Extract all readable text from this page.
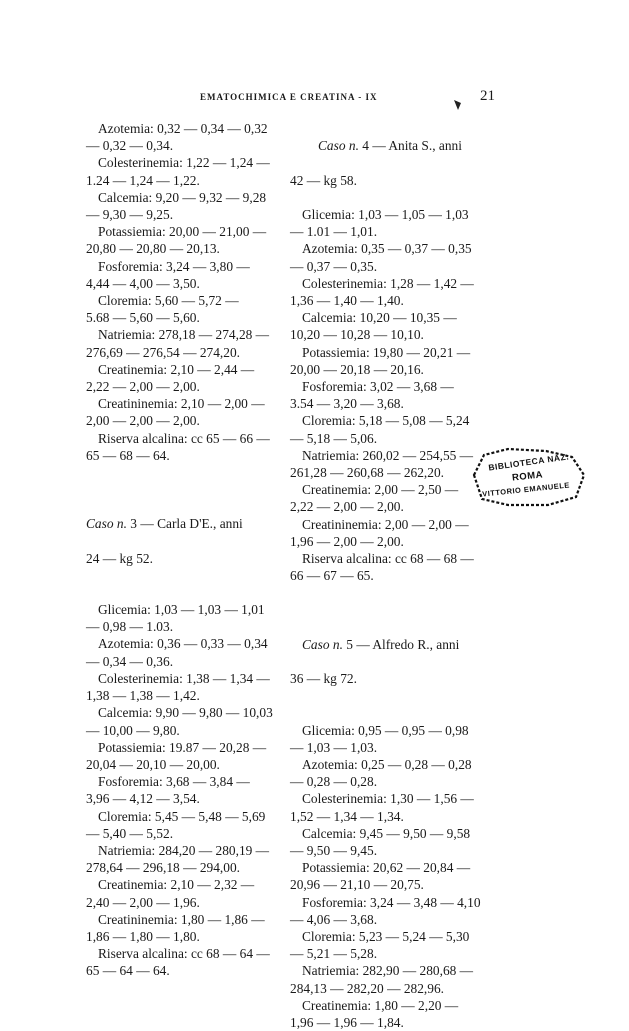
EMATOCHIMICA E CREATINA - IX	21

Azotemia: 0,32 — 0,34 — 0,32
— 0,32 — 0,34.

Colesterinemia: 1,22 — 1,24 —
1.24 — 1,24 — 1,22.

Calcemia: 9,20 — 9,32 — 9,28
— 9,30 — 9,25.

Potassiemia: 20,00 — 21,00 —
20,80 — 20,80 — 20,13.

Fosforemia: 3,24 — 3,80 —
4,44 — 4,00 — 3,50.

Cloremia: 5,60 — 5,72 —
5.68 — 5,60 — 5,60.

Natriemia: 278,18 — 274,28 —
276,69 — 276,54 — 274,20.

Creatinemia: 2,10 — 2,44 —
2,22 — 2,00 — 2,00.

Creatininemia: 2,10 — 2,00 —
2,00 — 2,00 — 2,00.

Riserva alcalina: cc 65 — 66 —
65 — 68 — 64.

Caso n. 3 — Carla D'E., anni

24 — kg 52.

Glicemia: 1,03 — 1,03 — 1,01
— 0,98 — 1.03.

Azotemia: 0,36 — 0,33 — 0,34
— 0,34 — 0,36.

Colesterinemia: 1,38 — 1,34 —
1,38 — 1,38 — 1,42.

Calcemia: 9,90 — 9,80 — 10,03
— 10,00 — 9,80.

Potassiemia: 19.87 — 20,28 —
20,04 — 20,10 — 20,00.

Fosforemia: 3,68 — 3,84 —
3,96 — 4,12 — 3,54.

Cloremia: 5,45 — 5,48 — 5,69
— 5,40 — 5,52.

Natriemia: 284,20 — 280,19 —
278,64 — 296,18 — 294,00.

Creatinemia: 2,10 — 2,32 —
2,40 — 2,00 — 1,96.

Creatininemia: 1,80 — 1,86 —
1,86 — 1,80 — 1,80.

Riserva alcalina: cc 68 — 64 —
65 — 64 — 64.

Caso n. 4 — Anita S., anni

42 — kg 58.

Glicemia: 1,03 — 1,05 — 1,03
— 1.01 — 1,01.

Azotemia: 0,35 — 0,37 — 0,35
— 0,37 — 0,35.

Colesterinemia: 1,28 — 1,42 —
1,36 — 1,40 — 1,40.

Calcemia: 10,20 — 10,35 —
10,20 — 10,28 — 10,10.

Potassiemia: 19,80 — 20,21 —
20,00 — 20,18 — 20,16.

Fosforemia: 3,02 — 3,68 —
3.54 — 3,20 — 3,68.

Cloremia: 5,18 — 5,08 — 5,24
— 5,18 — 5,06.

Natriemia: 260,02 — 254,55 —
261,28 — 260,68 — 262,20.

Creatinemia: 2,00 — 2,50 —
2,22 — 2,00 — 2,00.

Creatininemia: 2,00 — 2,00 —
1,96 — 2,00 — 2,00.

Riserva alcalina: cc 68 — 68 —
66 — 67 — 65.

Caso n. 5 — Alfredo R., anni

36 — kg 72.

Glicemia: 0,95 — 0,95 — 0,98
— 1,03 — 1,03.

Azotemia: 0,25 — 0,28 — 0,28
— 0,28 — 0,28.

Colesterinemia: 1,30 — 1,56 —
1,52 — 1,34 — 1,34.

Calcemia: 9,45 — 9,50 — 9,58
— 9,50 — 9,45.

Potassiemia: 20,62 — 20,84 —
20,96 — 21,10 — 20,75.

Fosforemia: 3,24 — 3,48 — 4,10
— 4,06 — 3,68.

Cloremia: 5,23 — 5,24 — 5,30
— 5,21 — 5,28.

Natriemia: 282,90 — 280,68 —
284,13 — 282,20 — 282,96.

Creatinemia: 1,80 — 2,20 —
1,96 — 1,96 — 1,84.

BIBLIOTECA NAZ.
ROMA
VITTORIO EMANUELE
